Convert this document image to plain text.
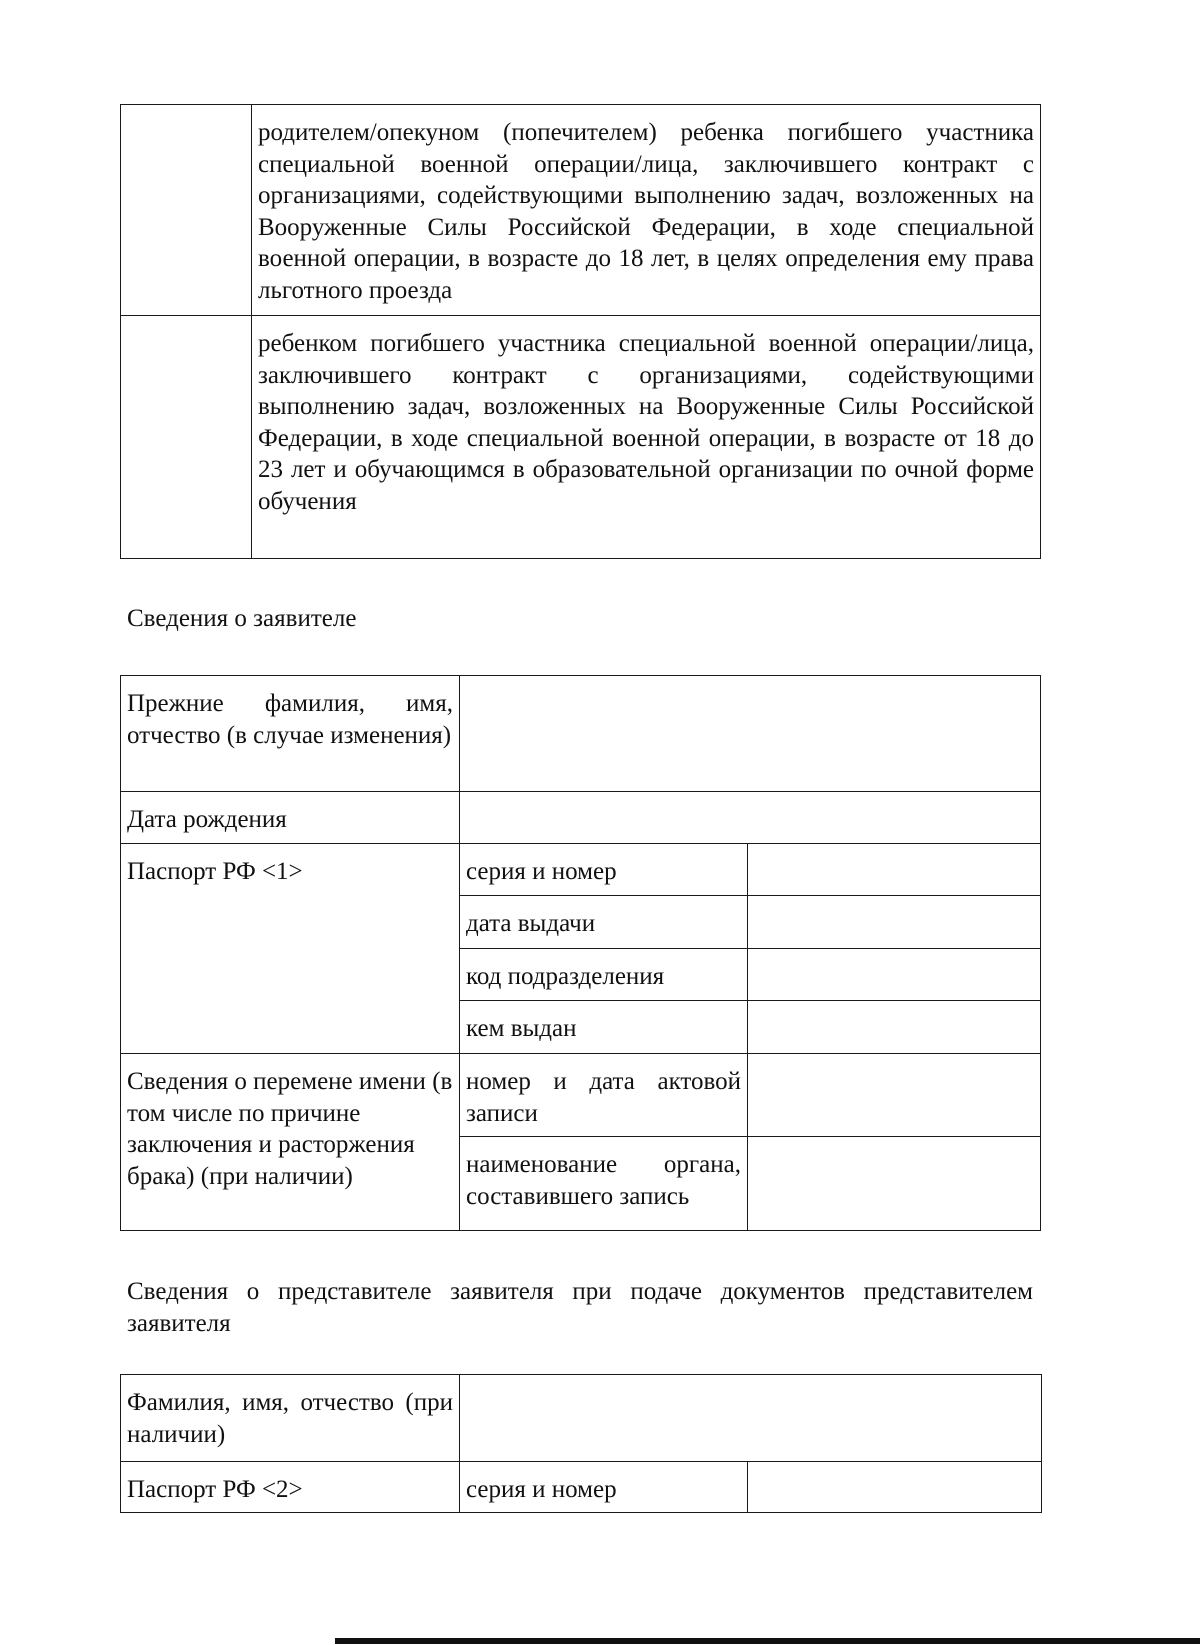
	родителем/опекуном (попечителем) ребенка погибшего участника специальной военной операции/лица, заключившего контракт с организациями, содействующими выполнению задач, возложенных на Вооруженные Силы Российской Федерации, в ходе специальной военной операции, в возрасте до 18 лет, в целях определения ему права льготного проезда

	ребенком погибшего участника специальной военной операции/лица, заключившего контракт с организациями, содействующими выполнению задач, возложенных на Вооруженные Силы Российской Федерации, в ходе специальной военной операции, в возрасте от 18 до 23 лет и обучающимся в образовательной организации по очной форме обучения
Сведения о заявителе
Прежние фамилия, имя, отчество (в случае изменения)		

Дата рождения		

Паспорт РФ <1>	серия и номер	

	дата выдачи	

	код подразделения	

	кем выдан	

Сведения о перемене имени (в том числе по причине заключения и расторжения брака) (при наличии)	номер и дата актовой записи	

	наименование органа, составившего запись	

Сведения о представителе заявителя при подаче документов представителем заявителя
Фамилия, имя, отчество (при наличии)		

Паспорт РФ <2>	серия и номер	
